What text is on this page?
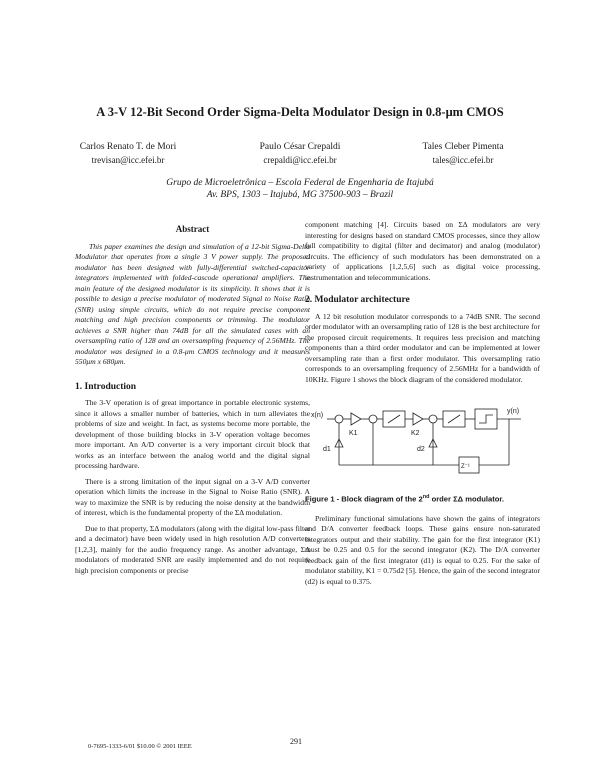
A 3-V 12-Bit Second Order Sigma-Delta Modulator Design in 0.8-μm CMOS
Carlos Renato T. de Mori
trevisan@icc.efei.br
Paulo César Crepaldi
crepaldi@icc.efei.br
Tales Cleber Pimenta
tales@icc.efei.br
Grupo de Microeletrônica – Escola Federal de Engenharia de Itajubá
Av. BPS, 1303 – Itajubá, MG 37500-903 – Brazil
Abstract
This paper examines the design and simulation of a 12-bit Sigma-Delta Modulator that operates from a single 3 V power supply. The proposed modulator has been designed with fully-differential switched-capacitor integrators implemented with folded-cascode operational amplifiers. The main feature of the designed modulator is its simplicity. It shows that it is possible to design a precise modulator of moderated Signal to Noise Ratio (SNR) using simple circuits, which do not require precise component matching and high precision components or trimming. The modulator achieves a SNR higher than 74dB for all the simulated cases with an oversampling ratio of 128 and an oversampling frequency of 2.56MHz. The modulator was designed in a 0.8-μm CMOS technology and it measures 550μm x 680μm.
1. Introduction

The 3-V operation is of great importance in portable electronic systems, since it allows a smaller number of batteries, which in turn alleviates the problems of size and weight. In fact, as systems become more portable, the development of those building blocks in 3-V operation voltage becomes more important. An A/D converter is a very important circuit block that works as an interface between the analog world and the digital signal processing hardware.

There is a strong limitation of the input signal on a 3-V A/D converter operation which limits the increase in the Signal to Noise Ratio (SNR). A way to maximize the SNR is by reducing the noise density at the bandwidth of interest, which is the fundamental property of the ΣΔ modulation.

Due to that property, ΣΔ modulators (along with the digital low-pass filter and a decimator) have been widely used in high resolution A/D converters [1,2,3], mainly for the audio frequency range. As another advantage, ΣΔ modulators of moderated SNR are easily implemented and do not require high precision components or precise

component matching [4]. Circuits based on ΣΔ modulators are very interesting for designs based on standard CMOS processes, since they allow full compatibility to digital (filter and decimator) and analog (modulator) circuits. The efficiency of such modulators has been demonstrated on a variety of applications [1,2,5,6] such as digital voice processing, instrumentation and telecommunications.

2. Modulator architecture

A 12 bit resolution modulator corresponds to a 74dB SNR. The second order modulator with an oversampling ratio of 128 is the best architecture for the proposed circuit requirements. It requires less precision and matching components than a third order modulator and can be implemented at lower oversampling rate than a first order modulator. This oversampling ratio corresponds to an oversampling frequency of 2.56MHz for a bandwidth of 10KHz. Figure 1 shows the block diagram of the considered modulator.

x(n)
K1	K2
d1	d2
y(n)
Z⁻¹

Figure 1 - Block diagram of the 2nd order ΣΔ modulator.

Preliminary functional simulations have shown the gains of integrators and D/A converter feedback loops. These gains ensure non-saturated integrators output and their stability. The gain for the first integrator (K1) must be 0.25 and 0.5 for the second integrator (K2). The D/A converter feedback gain of the first integrator (d1) is equal to 0.25. For the sake of modulator stability, K1 = 0.75d2 [5]. Hence, the gain of the second integrator (d2) is equal to 0.375.

0-7695-1333-6/01 $10.00 © 2001 IEEE
291
